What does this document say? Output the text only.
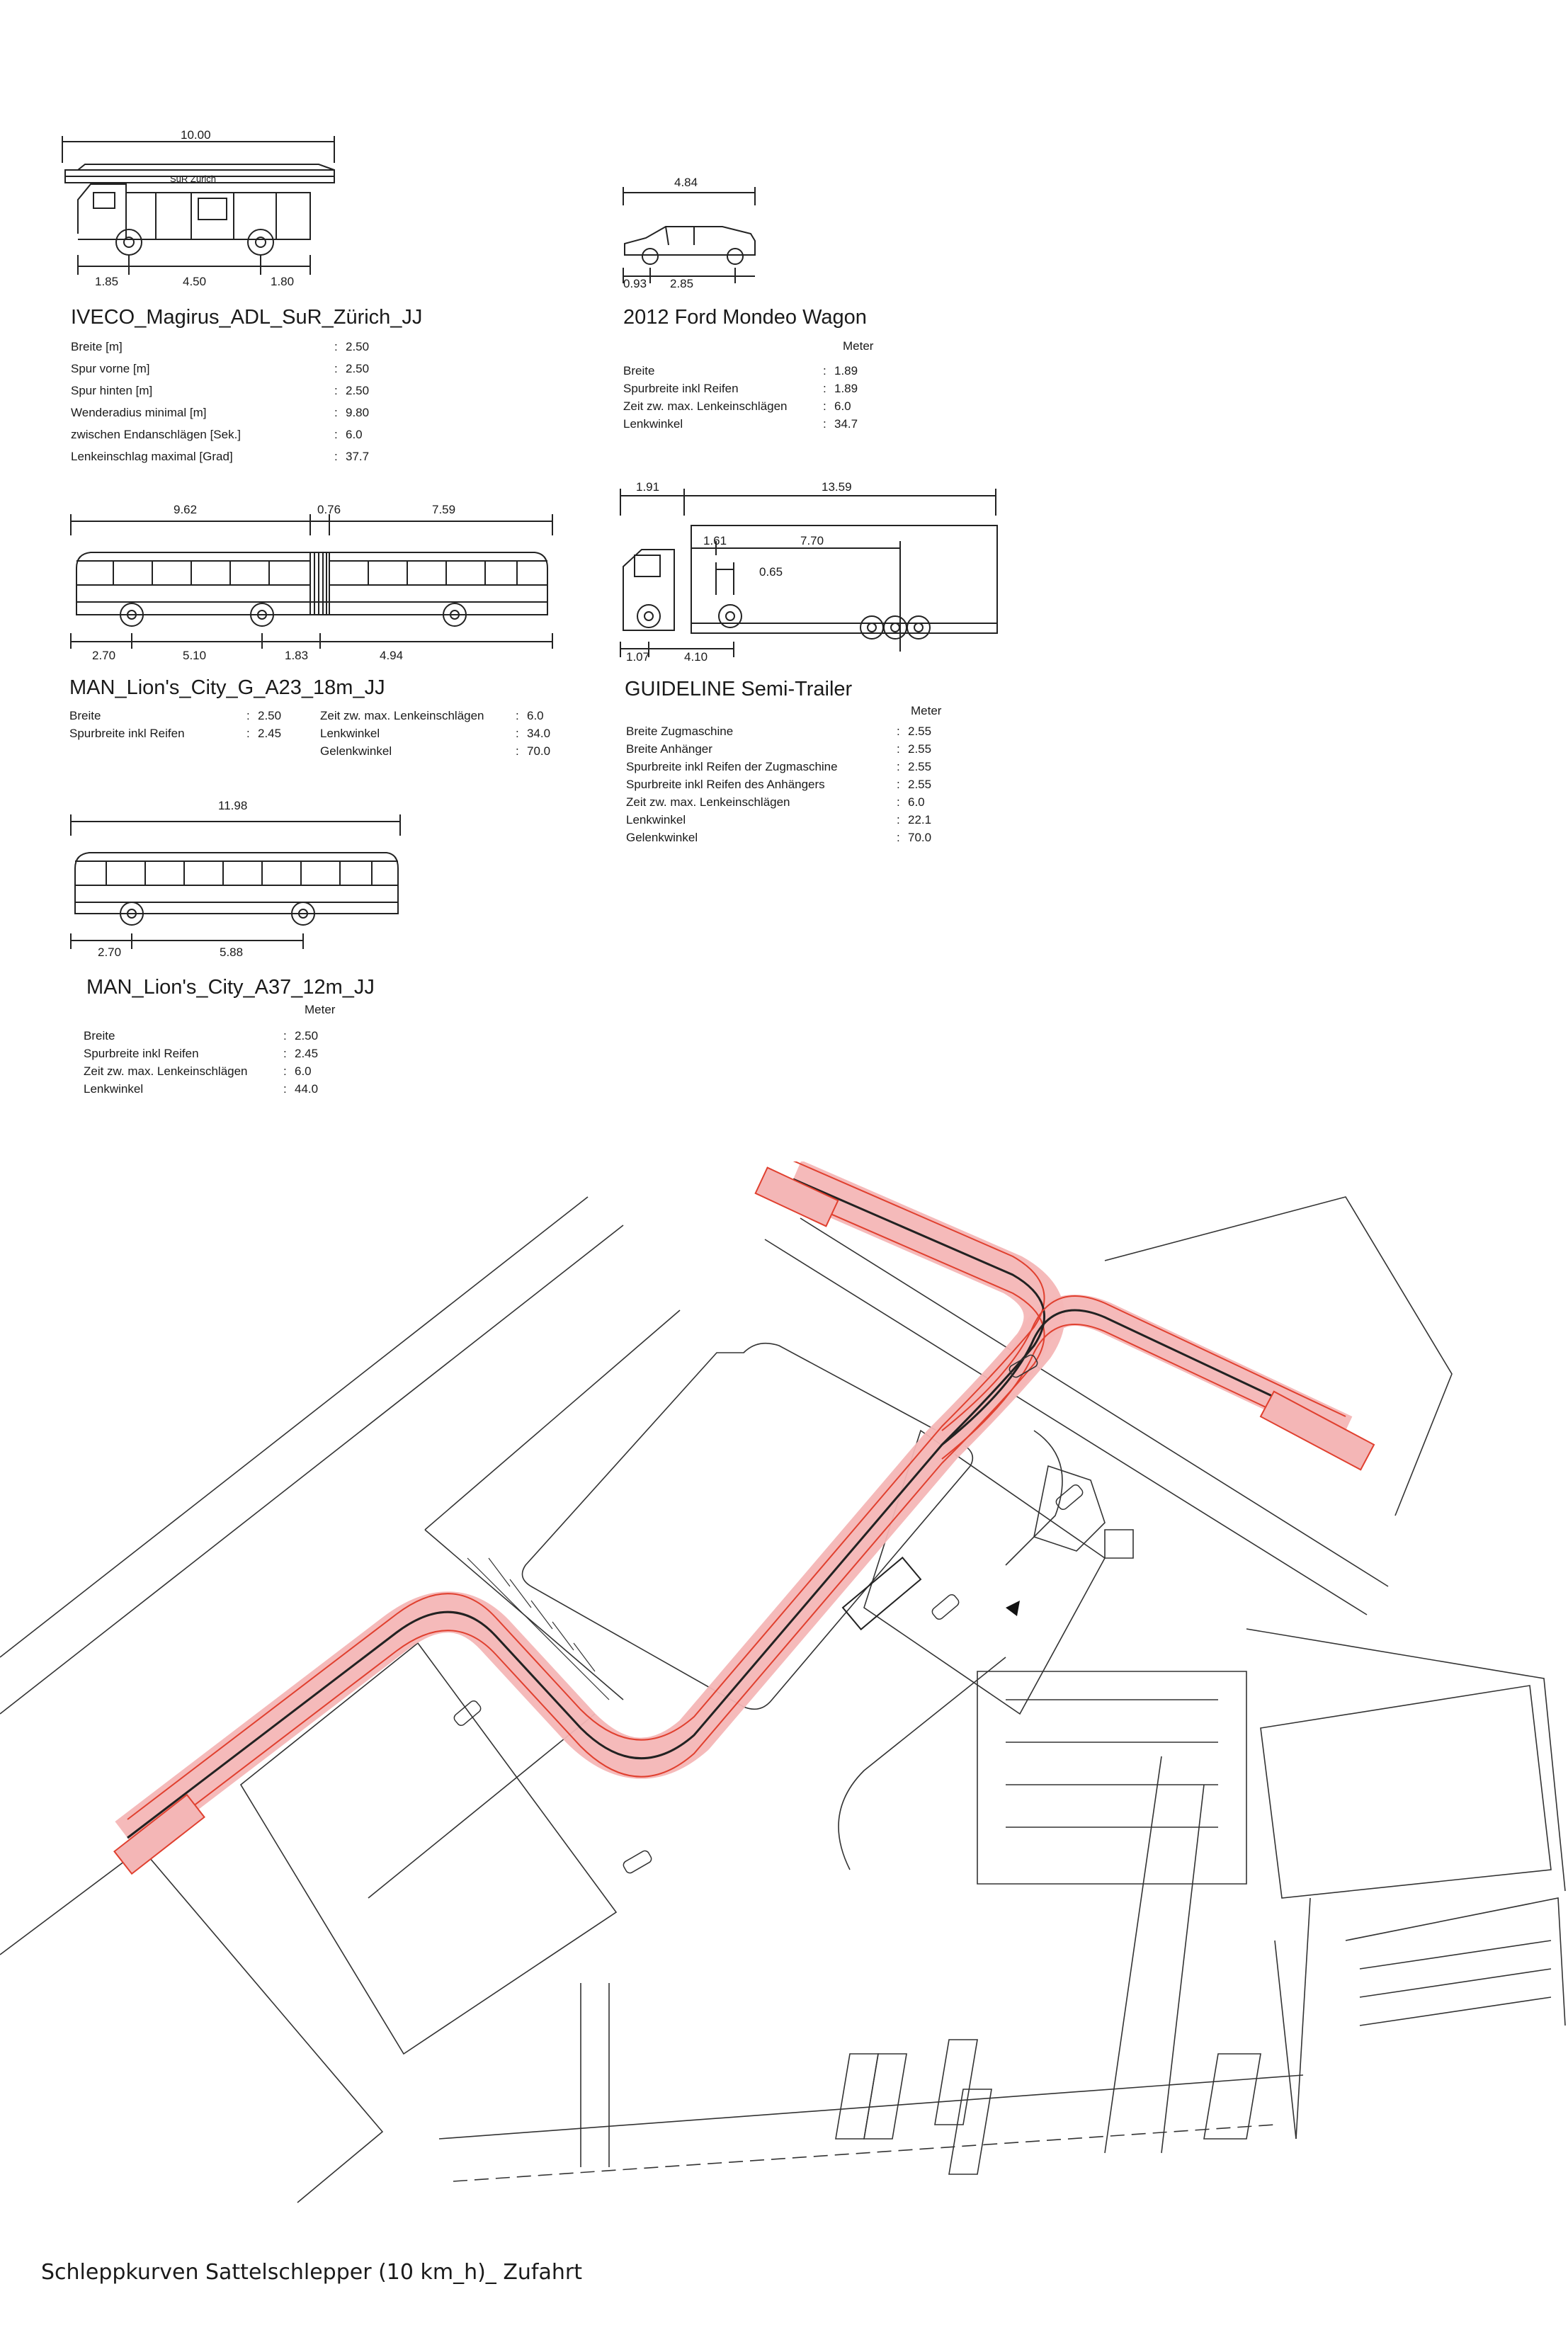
10.00
SuR Zürich
1.85	4.50	1.80
IVECO_Magirus_ADL_SuR_Zürich_JJ
Breite [m]	: 2.50
Spur vorne [m]	: 2.50
Spur hinten [m]	: 2.50
Wenderadius minimal [m]	: 9.80
zwischen Endanschlägen [Sek.]	: 6.0
Lenkeinschlag maximal [Grad]	: 37.7
4.84
0.93 2.85
2012 Ford Mondeo Wagon
Meter
Breite	: 1.89
Spurbreite inkl Reifen	: 1.89
Zeit zw. max. Lenkeinschlägen	: 6.0
Lenkwinkel	: 34.7
9.62	0.76	7.59
2.70	5.10	1.83	4.94
MAN_Lion's_City_G_A23_18m_JJ
Breite	: 2.50
Spurbreite inkl Reifen	: 2.45
Zeit zw. max. Lenkeinschlägen	: 6.0
Lenkwinkel	: 34.0
Gelenkwinkel	: 70.0
1.91	13.59
1.61	7.70
0.65
1.07	4.10
GUIDELINE Semi-Trailer
Meter
Breite Zugmaschine	: 2.55
Breite Anhänger	: 2.55
Spurbreite inkl Reifen der Zugmaschine	: 2.55
Spurbreite inkl Reifen des Anhängers	: 2.55
Zeit zw. max. Lenkeinschlägen	: 6.0
Lenkwinkel	: 22.1
Gelenkwinkel	: 70.0
11.98
2.70	5.88
MAN_Lion's_City_A37_12m_JJ
Meter
Breite	: 2.50
Spurbreite inkl Reifen	: 2.45
Zeit zw. max. Lenkeinschlägen	: 6.0
Lenkwinkel	: 44.0
Schleppkurven Sattelschlepper (10 km_h)_ Zufahrt
